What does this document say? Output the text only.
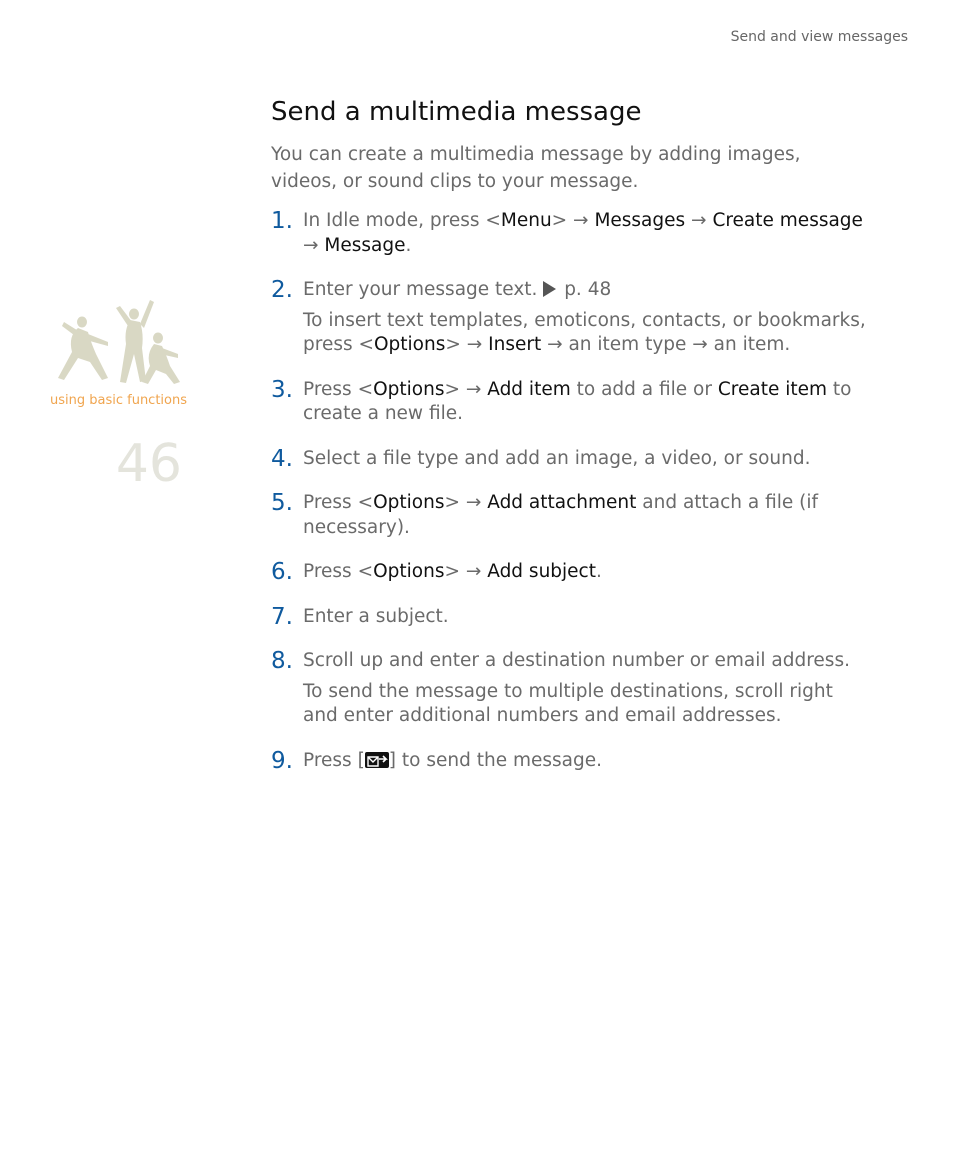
Send and view messages
using basic functions
46
Send a multimedia message

You can create a multimedia message by adding images, videos, or sound clips to your message.

1. In Idle mode, press <Menu> → Messages → Create message → Message.
2. Enter your message text.  p. 48
To insert text templates, emoticons, contacts, or bookmarks, press <Options> → Insert → an item type → an item.
3. Press <Options> → Add item to add a file or Create item to create a new file.
4. Select a file type and add an image, a video, or sound.
5. Press <Options> → Add attachment and attach a file (if necessary).
6. Press <Options> → Add subject.
7. Enter a subject.
8. Scroll up and enter a destination number or email address.
To send the message to multiple destinations, scroll right and enter additional numbers and email addresses.
9. Press [ ] to send the message.
